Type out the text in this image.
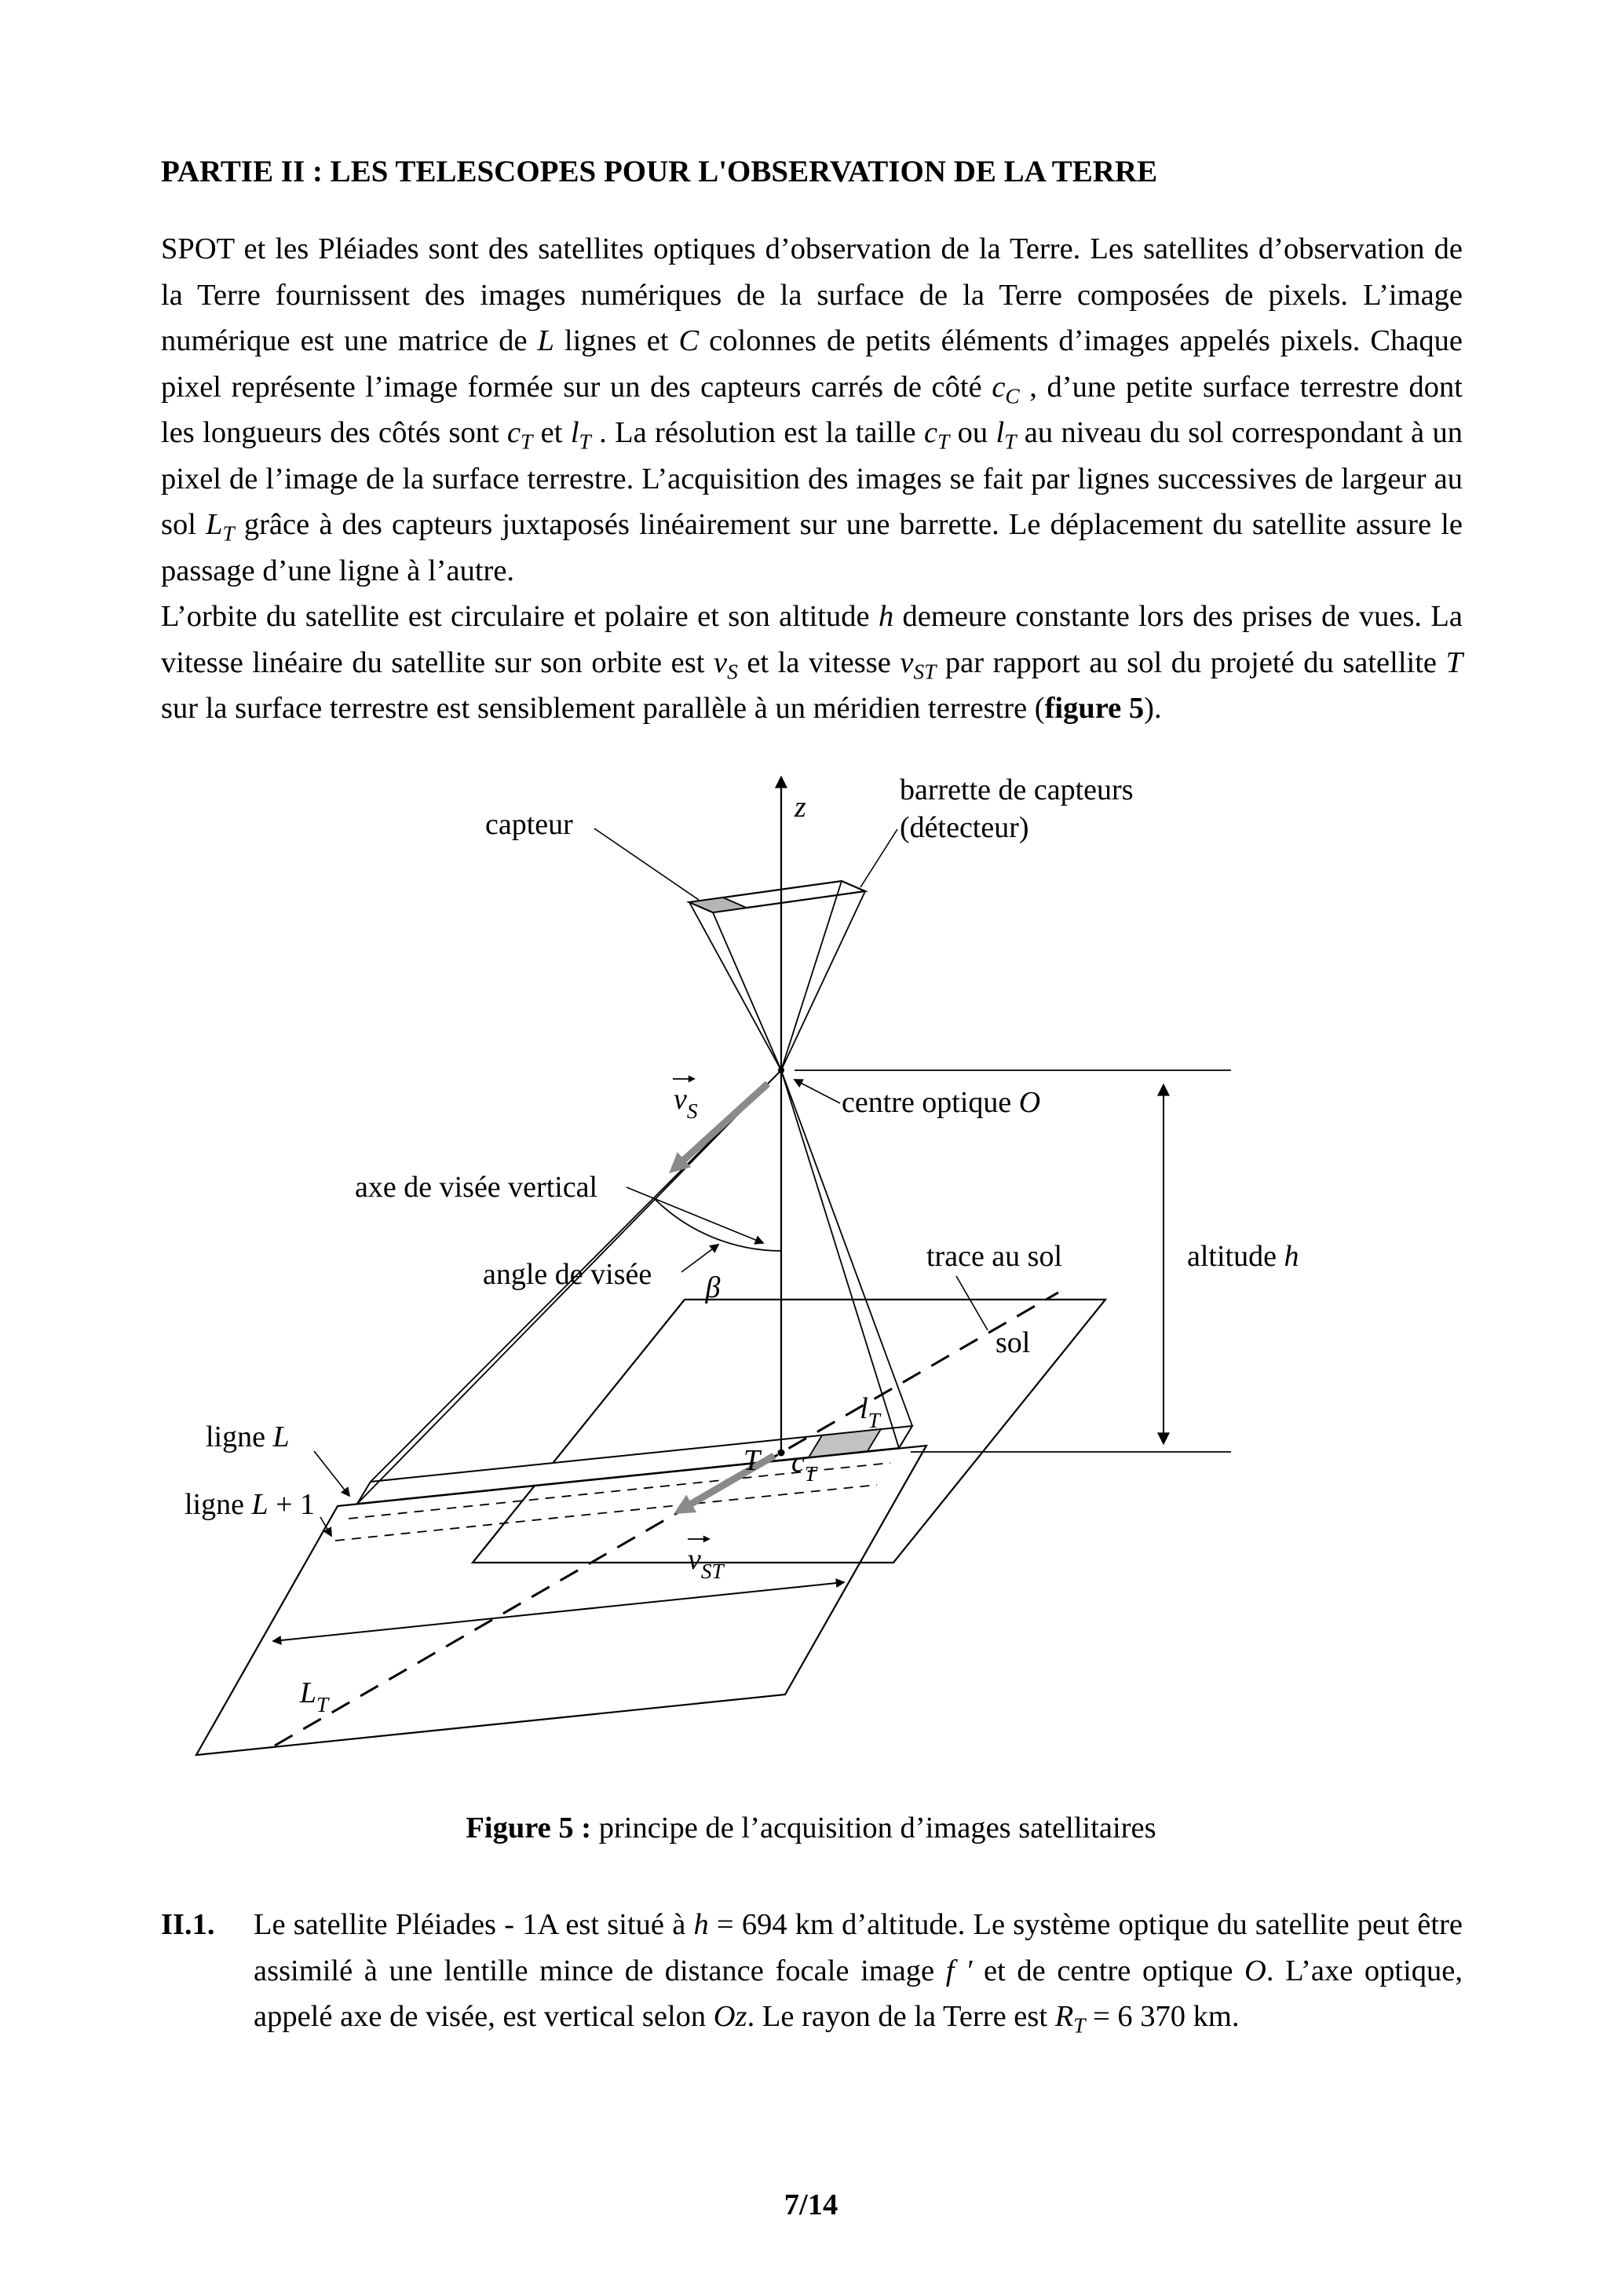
PARTIE II : LES TELESCOPES POUR L'OBSERVATION DE LA TERRE

SPOT et les Pléiades sont des satellites optiques d’observation de la Terre. Les satellites d’observation de la Terre fournissent des images numériques de la surface de la Terre composées de pixels. L’image numérique est une matrice de L lignes et C colonnes de petits éléments d’images appelés pixels. Chaque pixel représente l’image formée sur un des capteurs carrés de côté $c_C$ , d’une petite surface terrestre dont les longueurs des côtés sont $c_T$ et $l_T$ . La résolution est la taille $c_T$ ou $l_T$ au niveau du sol correspondant à un pixel de l’image de la surface terrestre. L’acquisition des images se fait par lignes successives de largeur au sol $L_T$ grâce à des capteurs juxtaposés linéairement sur une barrette. Le déplacement du satellite assure le passage d’une ligne à l’autre.

L’orbite du satellite est circulaire et polaire et son altitude h demeure constante lors des prises de vues. La vitesse linéaire du satellite sur son orbite est $v_S$ et la vitesse $v_{ST}$ par rapport au sol du projeté du satellite T sur la surface terrestre est sensiblement parallèle à un méridien terrestre (figure 5).

capteur
z
barrette de capteurs
(détecteur)
centre optique O
$v_S$
axe de visée vertical
angle de visée β
trace au sol	altitude h
sol
ligne L
ligne L + 1
$l_T$
T $c_T$
$v_{ST}$
$L_T$
Figure 5 : principe de l’acquisition d’images satellitaires
II.1.	Le satellite Pléiades - 1A est situé à h = 694 km d’altitude. Le système optique du satellite peut être assimilé à une lentille mince de distance focale image f ′ et de centre optique O. L’axe optique, appelé axe de visée, est vertical selon Oz. Le rayon de la Terre est $R_T = 6$ 370 km.
7/14
